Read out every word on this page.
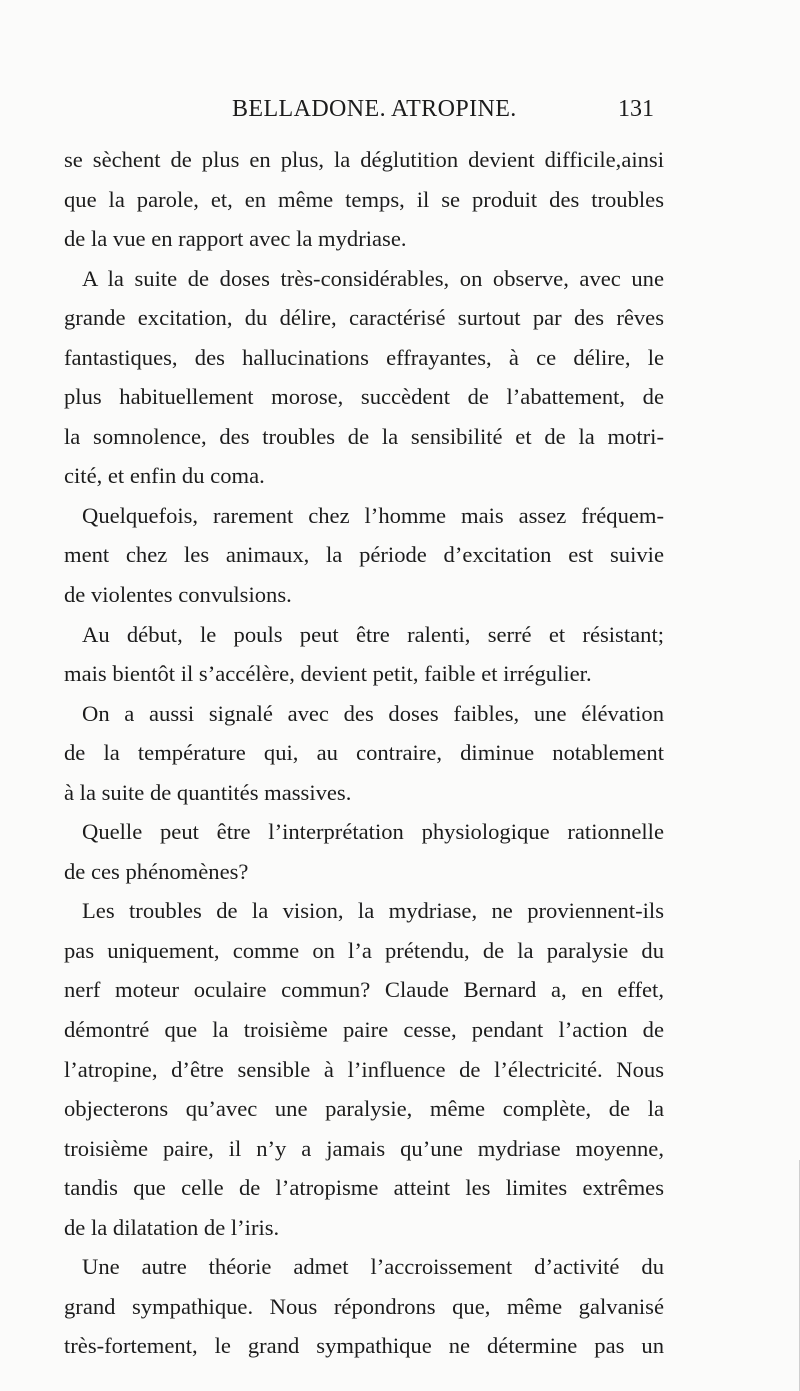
BELLADONE. ATROPINE.	131
se sèchent de plus en plus, la déglutition devient difficile,ainsi
que la parole, et, en même temps, il se produit des troubles
de la vue en rapport avec la mydriase.
A la suite de doses très-considérables, on observe, avec une
grande excitation, du délire, caractérisé surtout par des rêves
fantastiques, des hallucinations effrayantes, à ce délire, le
plus habituellement morose, succèdent de l’abattement, de
la somnolence, des troubles de la sensibilité et de la motri-
cité, et enfin du coma.
Quelquefois, rarement chez l’homme mais assez fréquem-
ment chez les animaux, la période d’excitation est suivie
de violentes convulsions.
Au début, le pouls peut être ralenti, serré et résistant;
mais bientôt il s’accélère, devient petit, faible et irrégulier.
On a aussi signalé avec des doses faibles, une élévation
de la température qui, au contraire, diminue notablement
à la suite de quantités massives.
Quelle peut être l’interprétation physiologique rationnelle
de ces phénomènes?
Les troubles de la vision, la mydriase, ne proviennent-ils
pas uniquement, comme on l’a prétendu, de la paralysie du
nerf moteur oculaire commun? Claude Bernard a, en effet,
démontré que la troisième paire cesse, pendant l’action de
l’atropine, d’être sensible à l’influence de l’électricité. Nous
objecterons qu’avec une paralysie, même complète, de la
troisième paire, il n’y a jamais qu’une mydriase moyenne,
tandis que celle de l’atropisme atteint les limites extrêmes
de la dilatation de l’iris.
Une autre théorie admet l’accroissement d’activité du
grand sympathique. Nous répondrons que, même galvanisé
très-fortement, le grand sympathique ne détermine pas un
